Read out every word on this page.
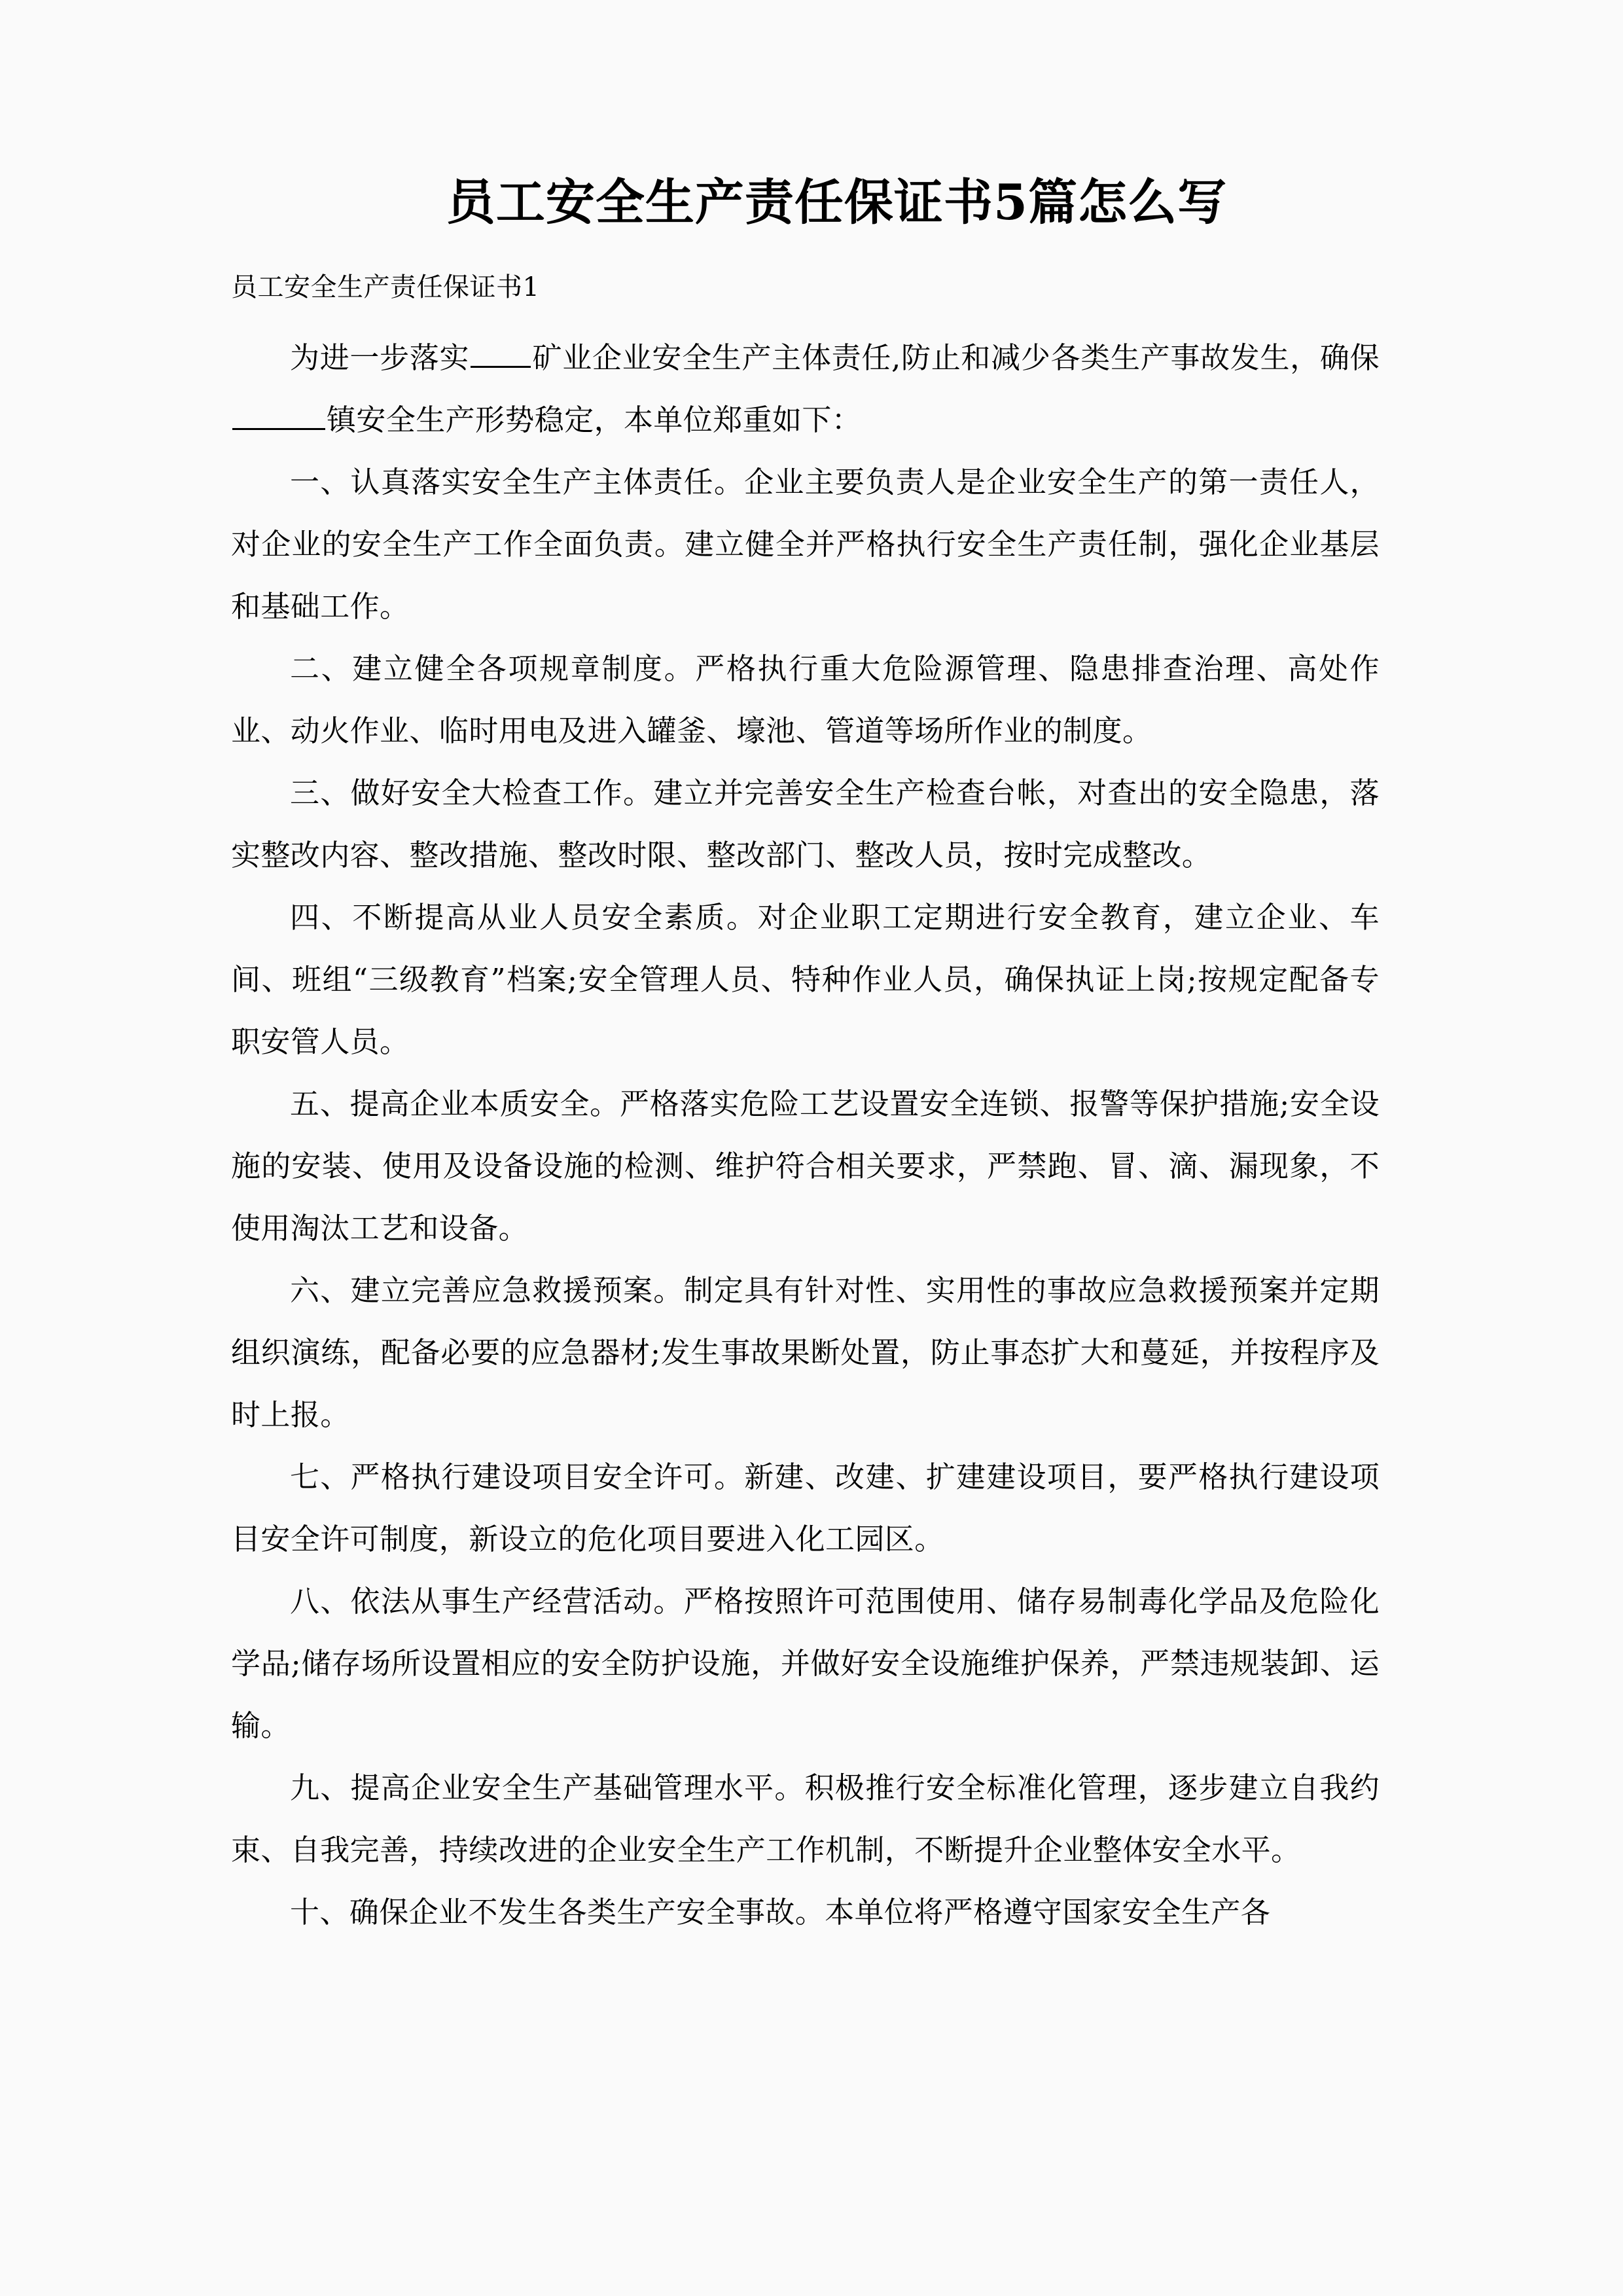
员工安全生产责任保证书5篇怎么写
员工安全生产责任保证书1

为进一步落实 矿业企业安全生产主体责任,防止和减少各类生产事故发生，确保镇安全生产形势稳定，本单位郑重如下：

一、认真落实安全生产主体责任。企业主要负责人是企业安全生产的第一责任人，对企业的安全生产工作全面负责。建立健全并严格执行安全生产责任制，强化企业基层和基础工作。

二、建立健全各项规章制度。严格执行重大危险源管理、隐患排查治理、高处作业、动火作业、临时用电及进入罐釜、壕池、管道等场所作业的制度。

三、做好安全大检查工作。建立并完善安全生产检查台帐，对查出的安全隐患，落实整改内容、整改措施、整改时限、整改部门、整改人员，按时完成整改。

四、不断提高从业人员安全素质。对企业职工定期进行安全教育，建立企业、车间、班组“三级教育”档案;安全管理人员、特种作业人员，确保执证上岗;按规定配备专职安管人员。

五、提高企业本质安全。严格落实危险工艺设置安全连锁、报警等保护措施;安全设施的安装、使用及设备设施的检测、维护符合相关要求，严禁跑、冒、滴、漏现象，不使用淘汰工艺和设备。

六、建立完善应急救援预案。制定具有针对性、实用性的事故应急救援预案并定期组织演练，配备必要的应急器材;发生事故果断处置，防止事态扩大和蔓延，并按程序及时上报。

七、严格执行建设项目安全许可。新建、改建、扩建建设项目，要严格执行建设项目安全许可制度，新设立的危化项目要进入化工园区。

八、依法从事生产经营活动。严格按照许可范围使用、储存易制毒化学品及危险化学品;储存场所设置相应的安全防护设施，并做好安全设施维护保养，严禁违规装卸、运输。

九、提高企业安全生产基础管理水平。积极推行安全标准化管理，逐步建立自我约束、自我完善，持续改进的企业安全生产工作机制，不断提升企业整体安全水平。

十、确保企业不发生各类生产安全事故。本单位将严格遵守国家安全生产各
